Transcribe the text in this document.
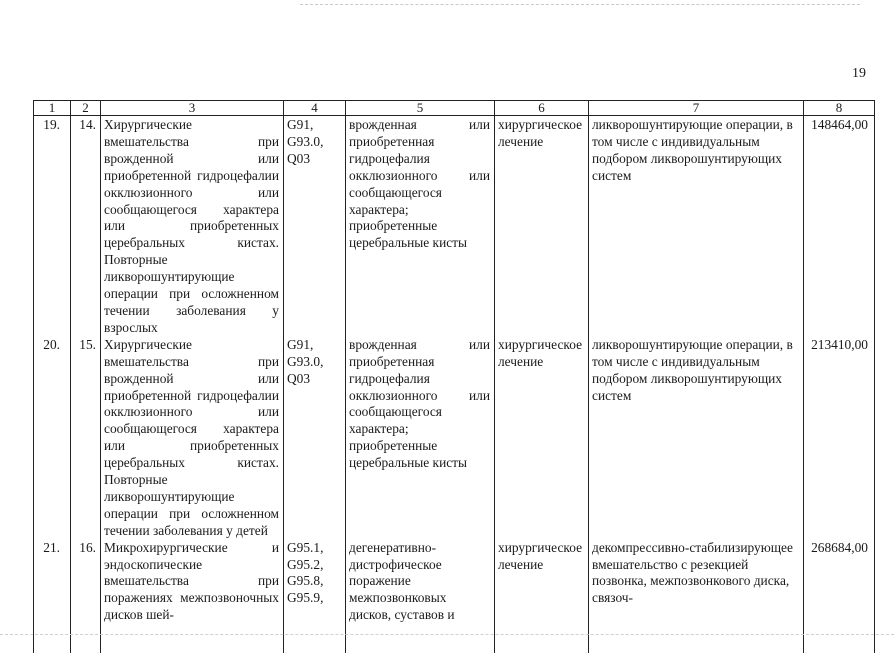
19
1	2	3	4	5	6	7	8
19.	14.	Хирургические вмешательства при врожденной или приобретенной гидроцефалии окклюзионного или сообщающегося характера или приобретенных церебральных кистах. Повторные ликворошунтирующие операции при осложненном течении заболевания у взрослых	G91, G93.0, Q03	врожденная или приобретенная гидроцефалия окклюзионного или сообщающегося характера; приобретенные церебральные кисты	хирургическое лечение	ликворошунтирующие операции, в том числе с индивидуальным подбором ликворошунтирующих систем	148464,00
20.	15.	Хирургические вмешательства при врожденной или приобретенной гидроцефалии окклюзионного или сообщающегося характера или приобретенных церебральных кистах. Повторные ликворошунтирующие операции при осложненном течении заболевания у детей	G91, G93.0, Q03	врожденная или приобретенная гидроцефалия окклюзионного или сообщающегося характера; приобретенные церебральные кисты	хирургическое лечение	ликворошунтирующие операции, в том числе с индивидуальным подбором ликворошунтирующих систем	213410,00
21.	16.	Микрохирургические и эндоскопические вмешательства при поражениях межпозвоночных дисков шей-	G95.1, G95.2, G95.8, G95.9,	дегенеративно-дистрофическое поражение межпозвонковых дисков, суставов и	хирургическое лечение	декомпрессивно-стабилизирующее вмешательство с резекцией позвонка, межпозвонкового диска, связоч-	268684,00
